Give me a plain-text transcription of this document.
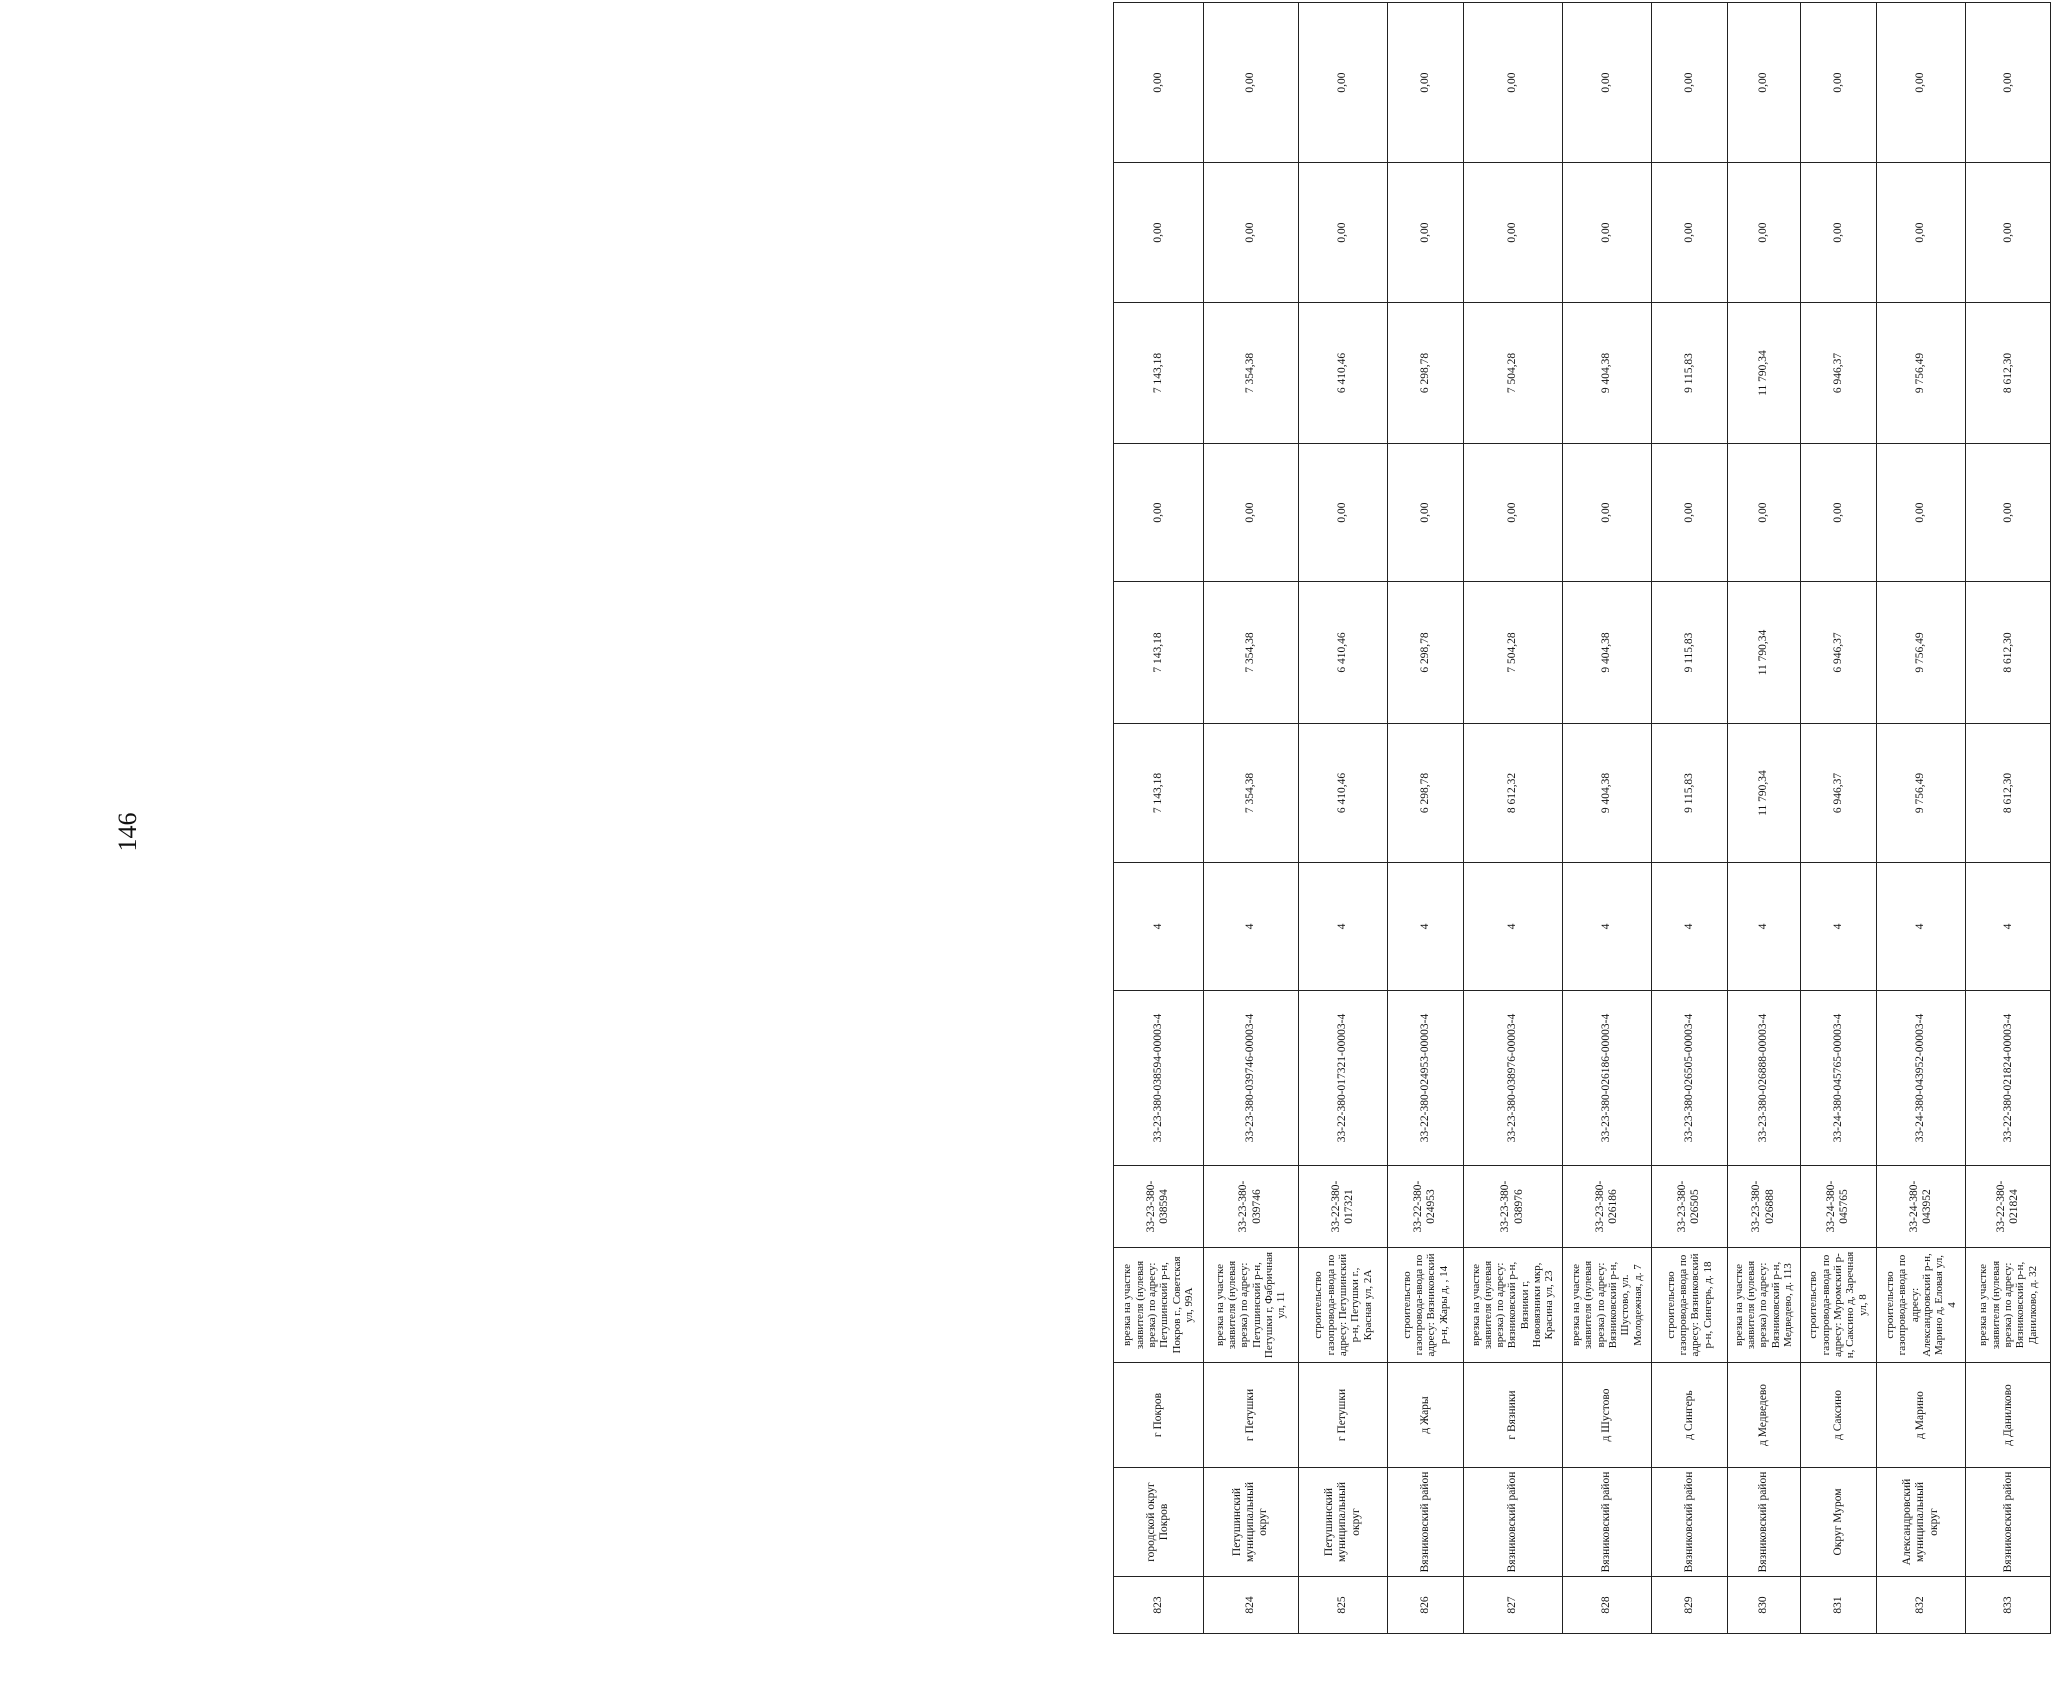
146
823	городской округ Покров	г Покров	врезка на участке заявителя (нулевая врезка) по адресу: Петушинский р-н, Покров г., Советская ул, 99А	33-23-380-038594	33-23-380-038594-00003-4	4	7 143,18	7 143,18	0,00	7 143,18	0,00	0,00
824	Петушинский муниципальный округ	г Петушки	врезка на участке заявителя (нулевая врезка) по адресу: Петушинский р-н, Петушки г, Фабричная ул, 11	33-23-380-039746	33-23-380-039746-00003-4	4	7 354,38	7 354,38	0,00	7 354,38	0,00	0,00
825	Петушинский муниципальный округ	г Петушки	строительство газопровода-ввода по адресу: Петушинский р-н, Петушки г., Красная ул, 2А	33-22-380-017321	33-22-380-017321-00003-4	4	6 410,46	6 410,46	0,00	6 410,46	0,00	0,00
826	Вязниковский район	д Жары	строительство газопровода-ввода по адресу: Вязниковский р-н, Жары д, , 14	33-22-380-024953	33-22-380-024953-00003-4	4	6 298,78	6 298,78	0,00	6 298,78	0,00	0,00
827	Вязниковский район	г Вязники	врезка на участке заявителя (нулевая врезка) по адресу: Вязниковский р-н, Вязники г, Нововязники мкр, Красина ул, 23	33-23-380-038976	33-23-380-038976-00003-4	4	8 612,32	7 504,28	0,00	7 504,28	0,00	0,00
828	Вязниковский район	д Шустово	врезка на участке заявителя (нулевая врезка) по адресу: Вязниковский р-н, Шустово, ул. Молодежная, д. 7	33-23-380-026186	33-23-380-026186-00003-4	4	9 404,38	9 404,38	0,00	9 404,38	0,00	0,00
829	Вязниковский район	д Сингерь	строительство газопровода-ввода по адресу: Вязниковский р-н, Сингерь, д. 18	33-23-380-026505	33-23-380-026505-00003-4	4	9 115,83	9 115,83	0,00	9 115,83	0,00	0,00
830	Вязниковский район	д Медведево	врезка на участке заявителя (нулевая врезка) по адресу: Вязниковский р-н, Медведево, д. 113	33-23-380-026888	33-23-380-026888-00003-4	4	11 790,34	11 790,34	0,00	11 790,34	0,00	0,00
831	Округ Муром	д Саксино	строительство газопровода-ввода по адресу: Муромский р-н, Саксино д, Заречная ул, 8	33-24-380-045765	33-24-380-045765-00003-4	4	6 946,37	6 946,37	0,00	6 946,37	0,00	0,00
832	Александровский муниципальный округ	д Марино	строительство газопровода-ввода по адресу: Александровский р-н, Марино д, Еловая ул, 4	33-24-380-043952	33-24-380-043952-00003-4	4	9 756,49	9 756,49	0,00	9 756,49	0,00	0,00
833	Вязниковский район	д Данилково	врезка на участке заявителя (нулевая врезка) по адресу: Вязниковский р-н, Данилково, д. 32	33-22-380-021824	33-22-380-021824-00003-4	4	8 612,30	8 612,30	0,00	8 612,30	0,00	0,00
